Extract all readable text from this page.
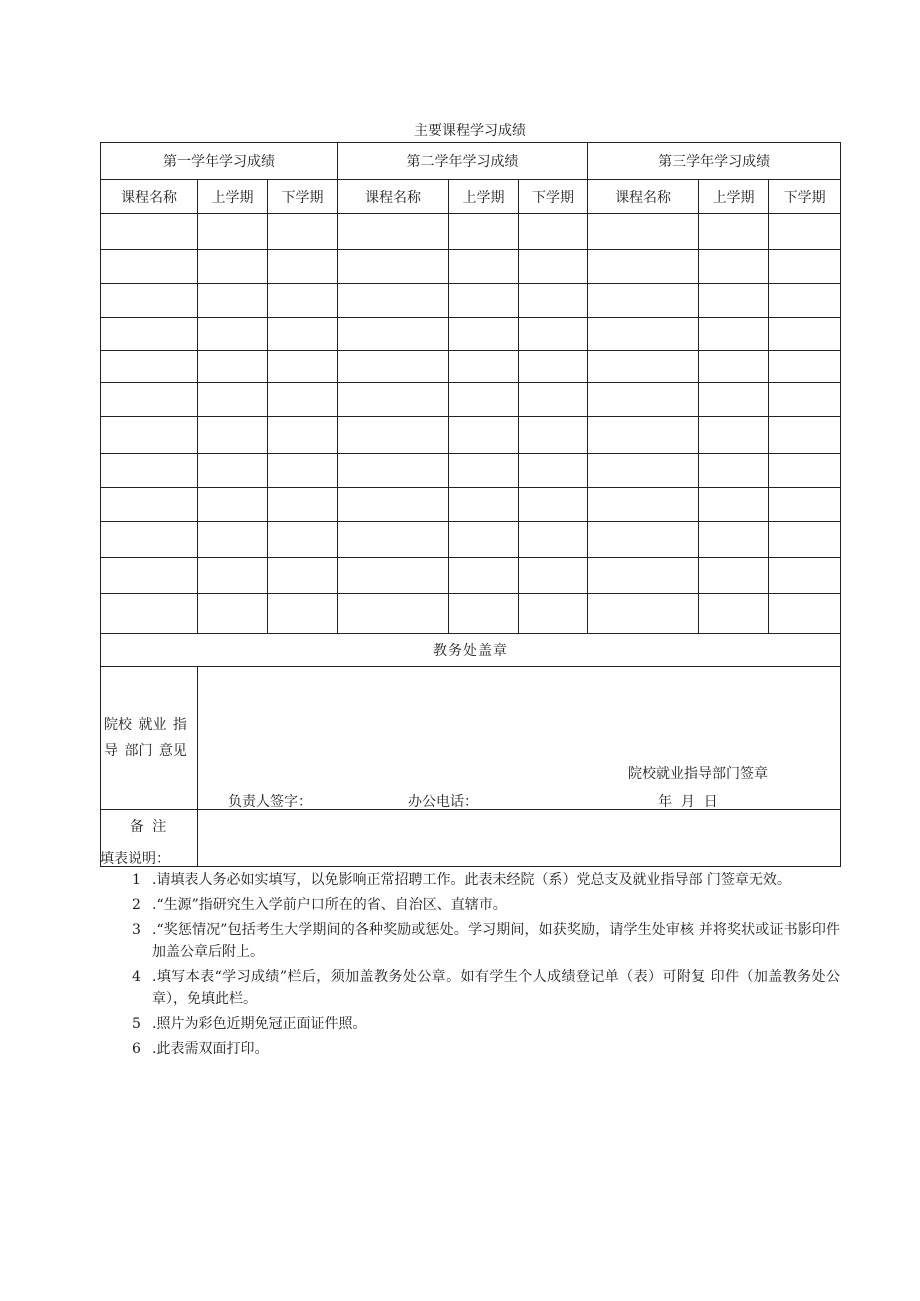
主要课程学习成绩
第一学年学习成绩			第二学年学习成绩			第三学年学习成绩		
课程名称	上学期	下学期	课程名称	上学期	下学期	课程名称	上学期	下学期

教务处盖章								
院校 就业 指导 部门 意见	院校就业指导部门签章
负责人签字： 办公电话： 年  月  日							

备 注								
填表说明：
1 .请填表人务必如实填写，以免影响正常招聘工作。此表未经院（系）党总支及就业指导部 门签章无效。
2 .“生源”指研究生入学前户口所在的省、自治区、直辖市。
3 .“奖惩情况”包括考生大学期间的各种奖励或惩处。学习期间，如获奖励，请学生处审核 并将奖状或证书影印件加盖公章后附上。
4 .填写本表“学习成绩”栏后，须加盖教务处公章。如有学生个人成绩登记单（表）可附复 印件（加盖教务处公章），免填此栏。
5 .照片为彩色近期免冠正面证件照。
6 .此表需双面打印。
